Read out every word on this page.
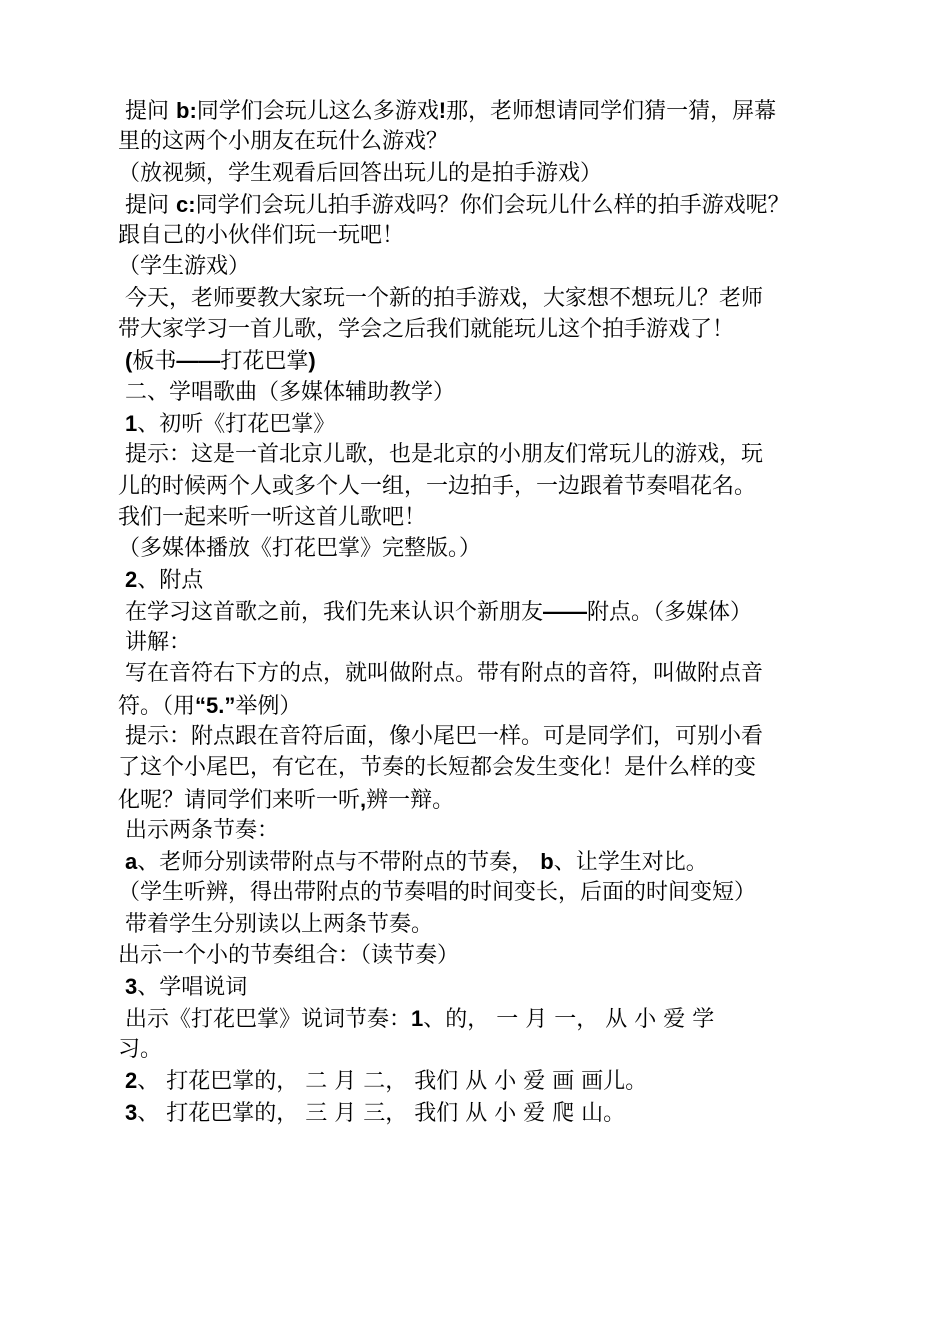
提问 b:同学们会玩儿这么多游戏!那，老师想请同学们猜一猜，屏幕
里的这两个小朋友在玩什么游戏？
（放视频，学生观看后回答出玩儿的是拍手游戏）
提问 c:同学们会玩儿拍手游戏吗？你们会玩儿什么样的拍手游戏呢？
跟自己的小伙伴们玩一玩吧！
（学生游戏）
今天，老师要教大家玩一个新的拍手游戏，大家想不想玩儿？老师
带大家学习一首儿歌，学会之后我们就能玩儿这个拍手游戏了！
(板书——打花巴掌)
二、学唱歌曲（多媒体辅助教学）
1、初听《打花巴掌》
提示：这是一首北京儿歌，也是北京的小朋友们常玩儿的游戏，玩
儿的时候两个人或多个人一组，一边拍手，一边跟着节奏唱花名。
我们一起来听一听这首儿歌吧！
（多媒体播放《打花巴掌》完整版。）
2、附点
在学习这首歌之前，我们先来认识个新朋友——附点。（多媒体）
讲解：
写在音符右下方的点，就叫做附点。带有附点的音符，叫做附点音
符。（用“5.”举例）
提示：附点跟在音符后面，像小尾巴一样。可是同学们，可别小看
了这个小尾巴，有它在，节奏的长短都会发生变化！是什么样的变
化呢？请同学们来听一听,辨一辩。
出示两条节奏：
a、老师分别读带附点与不带附点的节奏， b、让学生对比。
（学生听辨，得出带附点的节奏唱的时间变长，后面的时间变短）
带着学生分别读以上两条节奏。
出示一个小的节奏组合：（读节奏）
3、学唱说词
出示《打花巴掌》说词节奏：1、的， 一 月 一， 从 小 爱 学
习。
2、 打花巴掌的， 二 月 二， 我们 从 小 爱 画 画儿。
3、 打花巴掌的， 三 月 三， 我们 从 小 爱 爬 山。
